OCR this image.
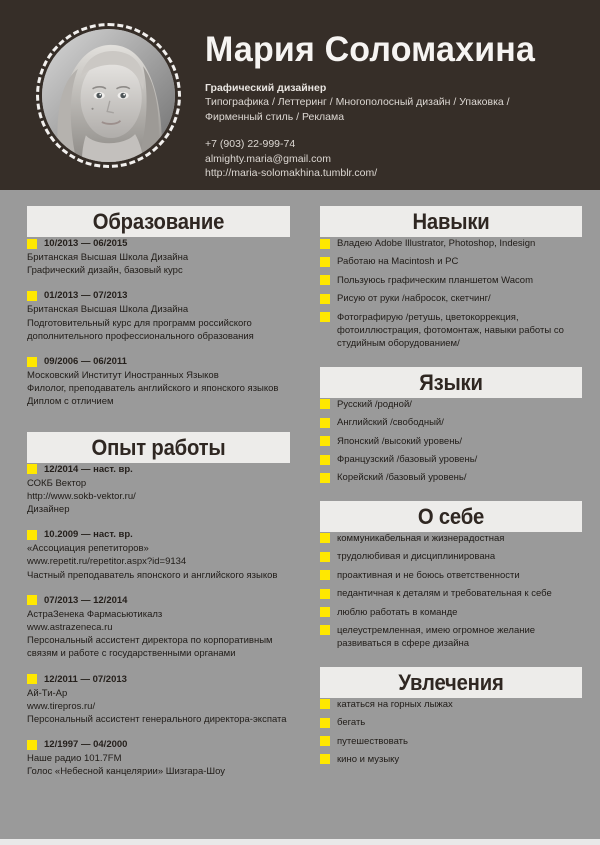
Мария Соломахина
Графический дизайнер
Типографика / Леттеринг / Многополосный дизайн / Упаковка / Фирменный стиль / Реклама
+7 (903) 22-999-74
almighty.maria@gmail.com
http://maria-solomakhina.tumblr.com/
Образование
10/2013 — 06/2015
Британская Высшая Школа Дизайна
Графический дизайн, базовый курс
01/2013 — 07/2013
Британская Высшая Школа Дизайна
Подготовительный курс для программ российского дополнительного профессионального образования
09/2006 — 06/2011
Московский Институт Иностранных Языков
Филолог, преподаватель английского и японского языков
Диплом с отличием
Опыт работы
12/2014 — наст. вр.
СОКБ Вектор
http://www.sokb-vektor.ru/
Дизайнер
10.2009 — наст. вр.
«Ассоциация репетиторов»
www.repetit.ru/repetitor.aspx?id=9134
Частный преподаватель японского и английского языков
07/2013 — 12/2014
АстраЗенека Фармасьютикалз
www.astrazeneca.ru
Персональный ассистент директора по корпоративным связям и работе с государственными органами
12/2011 — 07/2013
Ай-Ти-Ар
www.tirepros.ru/
Персональный ассистент генерального директора-экспата
12/1997 — 04/2000
Наше радио 101.7FM
Голос «Небесной канцелярии» Шизгара-Шоу
Навыки
Владею Adobe Illustrator, Photoshop, Indesign
Работаю на Macintosh и PC
Пользуюсь графическим планшетом Wacom
Рисую от руки /набросок, скетчинг/
Фотографирую /ретушь, цветокоррекция, фотоиллюстрация, фотомонтаж, навыки работы со студийным оборудованием/
Языки
Русский /родной/
Английский /свободный/
Японский /высокий уровень/
Французский /базовый уровень/
Корейский /базовый уровень/
О себе
коммуникабельная и жизнерадостная
трудолюбивая и дисциплинирована
проактивная и не боюсь ответственности
педантичная к деталям и требовательная к себе
люблю работать в команде
целеустремленная, имею огромное желание развиваться в сфере дизайна
Увлечения
кататься на горных лыжах
бегать
путешествовать
кино и музыку
